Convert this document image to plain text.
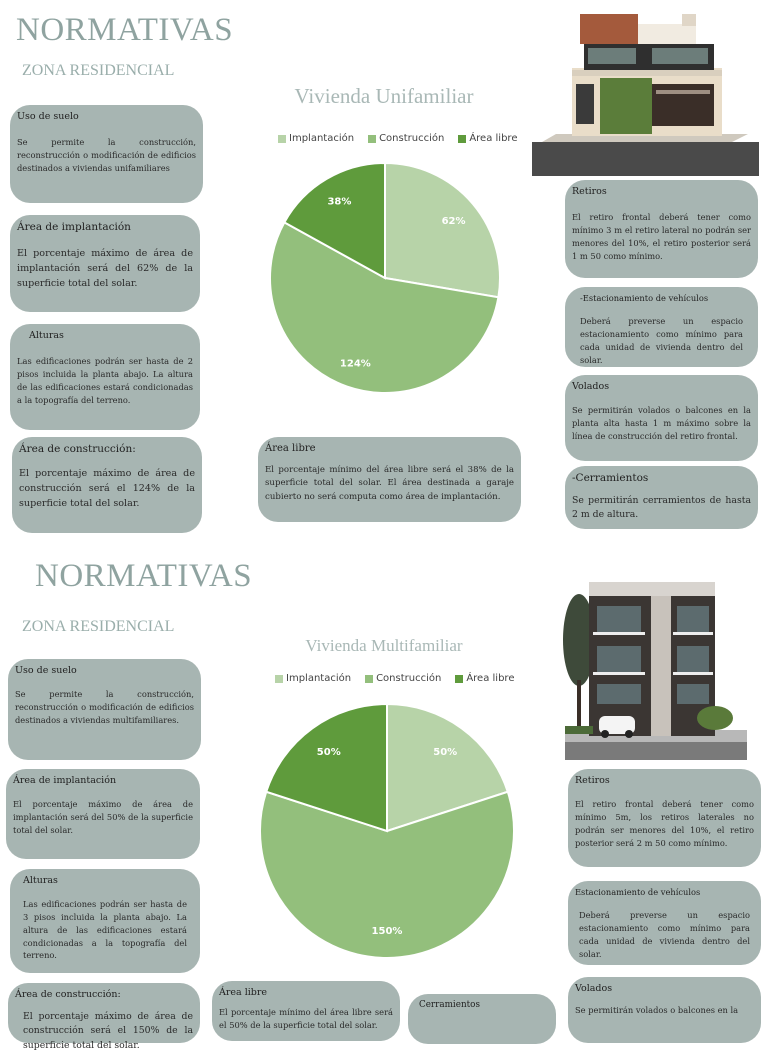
NORMATIVAS
ZONA RESIDENCIAL
Vivienda Unifamiliar
Implantación	Construcción	Área libre
62%
124%
38%
Uso de suelo

Se permite la construcción, reconstrucción o modificación de edificios destinados a viviendas unifamiliares

Área de implantación

El porcentaje máximo de área de implantación será del 62% de la superficie total del solar.

Alturas

Las edificaciones podrán ser hasta de 2 pisos incluida la planta abajo. La altura de las edificaciones estará condicionadas a la topografía del terreno.

Área de construcción:

El porcentaje máximo de área de construcción será el 124% de la superficie total del solar.

Área libre

El porcentaje mínimo del área libre será el 38% de la superficie total del solar. El área destinada a garaje cubierto no será computa como área de implantación.

Retiros

El retiro frontal deberá tener como mínimo 3 m el retiro lateral no podrán ser menores del 10%, el retiro posterior será 1 m 50 como mínimo.

-Estacionamiento de vehículos

Deberá preverse un espacio estacionamiento como mínimo para cada unidad de vivienda dentro del solar.

Volados

Se permitirán volados o balcones en la planta alta hasta 1 m máximo sobre la línea de construcción del retiro frontal.

-Cerramientos

Se permitirán cerramientos de hasta 2 m de altura.

NORMATIVAS
ZONA RESIDENCIAL
Vivienda Multifamiliar
Implantación	Construcción	Área libre
50%
150%
50%
Uso de suelo

Se permite la construcción, reconstrucción o modificación de edificios destinados a viviendas multifamiliares.

Área de implantación

El porcentaje máximo de área de implantación será del 50% de la superficie total del solar.

Alturas

Las edificaciones podrán ser hasta de 3 pisos incluida la planta abajo. La altura de las edificaciones estará condicionadas a la topografía del terreno.

Área de construcción:

El porcentaje máximo de área de construcción será el 150% de la superficie total del solar.

Área libre

El porcentaje mínimo del área libre será el 50% de la superficie total del solar.

Cerramientos

Retiros

El retiro frontal deberá tener como mínimo 5m, los retiros laterales no podrán ser menores del 10%, el retiro posterior será 2 m 50 como mínimo.

Estacionamiento de vehículos

Deberá preverse un espacio estacionamiento como mínimo para cada unidad de vivienda dentro del solar.

Volados

Se permitirán volados o balcones en la
